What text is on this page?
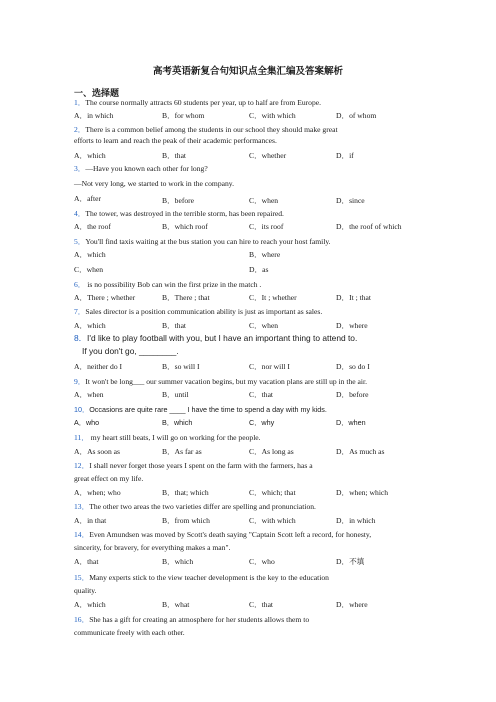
高考英语新复合句知识点全集汇编及答案解析
一、选择题
1．The course normally attracts 60 students per year, up to half are from Europe.
A．in which	B．for whom	C．with which	D．of whom
2．There is a common belief among the students in our school they should make great
efforts to learn and reach the peak of their academic performances.
A．which	B．that	C．whether	D．if
3．—Have you known each other for long?
—Not very long, we started to work in the company.
A．after	B．before	C．when	D．since
4．The tower, was destroyed in the terrible storm, has been repaired.
A．the roof	B．which roof	C．its roof	D．the roof of which
5．You'll find taxis waiting at the bus station you can hire to reach your host family.
A．which	B．where
C．when	D．as
6． is no possibility Bob can win the first prize in the match .
A．There ; whether	B．There ; that	C．It ; whether	D．It ; that
7．Sales director is a position communication ability is just as important as sales.
A．which	B．that	C．when	D．where
8．I'd like to play football with you, but I have an important thing to attend to.
If you don't go, ________.
A．neither do I	B．so will I	C．nor will I	D．so do I
9．It won't be long___ our summer vacation begins, but my vacation plans are still up in the air.
A．when	B．until	C．that	D．before
10．Occasions are quite rare ____ I have the time to spend a day with my kids.
A．who	B．which	C．why	D．when
11． my heart still beats, I will go on working for the people.
A．As soon as	B．As far as	C．As long as	D．As much as
12．I shall never forget those years I spent on the farm with the farmers, has a
great effect on my life.
A．when; who	B．that; which	C．which; that	D．when; which
13．The other two areas the two varieties differ are spelling and pronunciation.
A．in that	B．from which	C．with which	D．in which
14．Even Amundsen was moved by Scott's death saying "Captain Scott left a record, for honesty,
sincerity, for bravery, for everything makes a man".
A．that	B．which	C．who	D．不填
15．Many experts stick to the view teacher development is the key to the education
quality.
A．which	B．what	C．that	D．where
16．She has a gift for creating an atmosphere for her students allows them to
communicate freely with each other.
